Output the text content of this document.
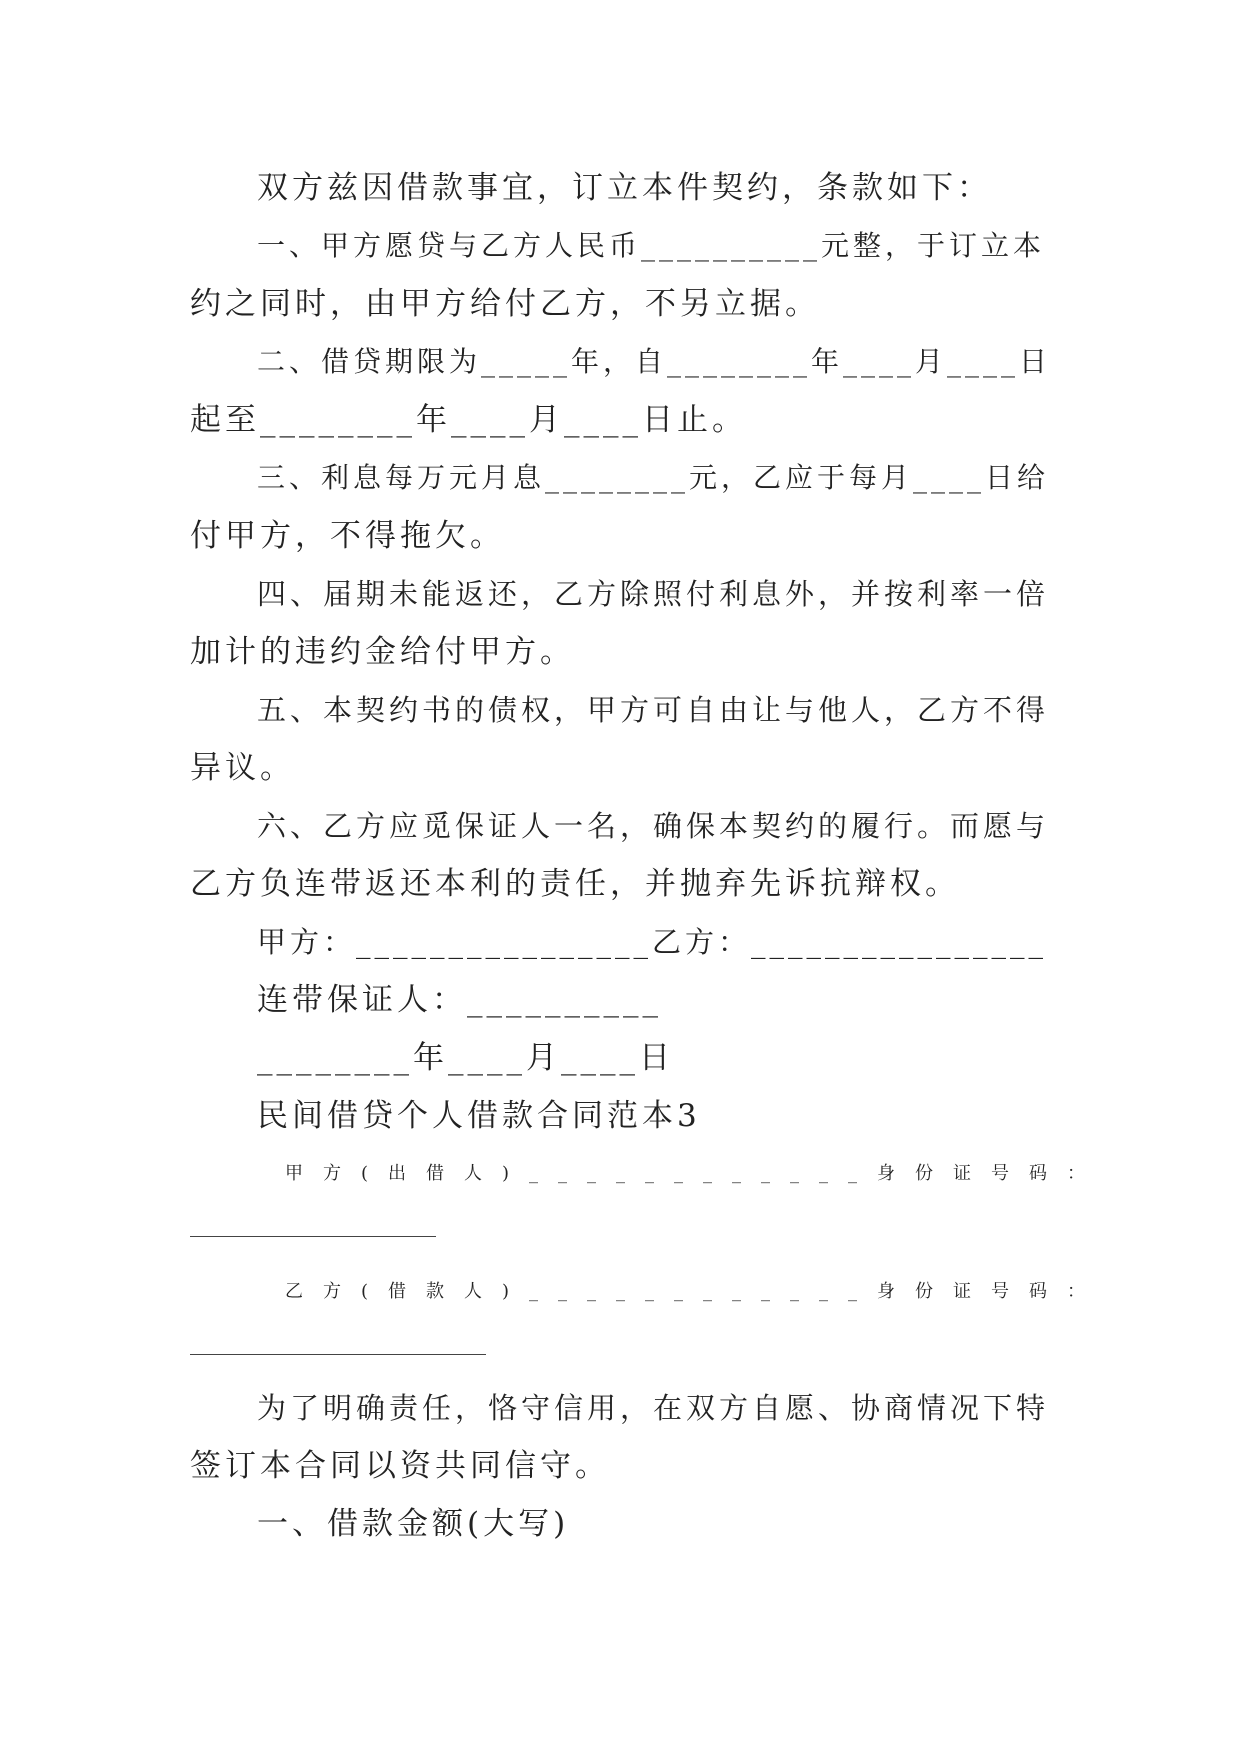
双方兹因借款事宜，订立本件契约，条款如下：
一、甲方愿贷与乙方人民币__________元整，于订立本
约之同时，由甲方给付乙方，不另立据。
二、借贷期限为_____年，自________年____月____日
起至________年____月____日止。
三、利息每万元月息________元，乙应于每月____日给
付甲方，不得拖欠。
四、届期未能返还，乙方除照付利息外，并按利率一倍
加计的违约金给付甲方。
五、本契约书的债权，甲方可自由让与他人，乙方不得
异议。
六、乙方应觅保证人一名，确保本契约的履行。而愿与
乙方负连带返还本利的责任，并抛弃先诉抗辩权。
甲方：________________乙方：________________
连带保证人：__________
________年____月____日
民间借贷个人借款合同范本3
甲方(出借人)____________身份证号码：
乙方(借款人)____________身份证号码：
为了明确责任，恪守信用，在双方自愿、协商情况下特
签订本合同以资共同信守。
一、借款金额(大写)
